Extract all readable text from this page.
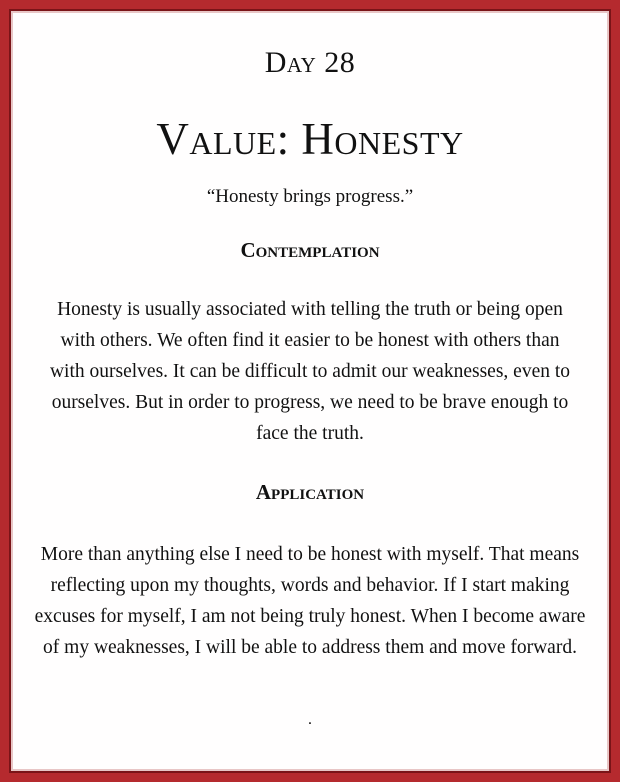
Day 28
Value: Honesty
“Honesty brings progress.”
Contemplation

Honesty is usually associated with telling the truth or being open with others. We often find it easier to be honest with others than with ourselves. It can be difficult to admit our weaknesses, even to ourselves. But in order to progress, we need to be brave enough to face the truth.

Application

More than anything else I need to be honest with myself. That means reflecting upon my thoughts, words and behavior. If I start making excuses for myself, I am not being truly honest. When I become aware of my weaknesses, I will be able to address them and move forward.

.
